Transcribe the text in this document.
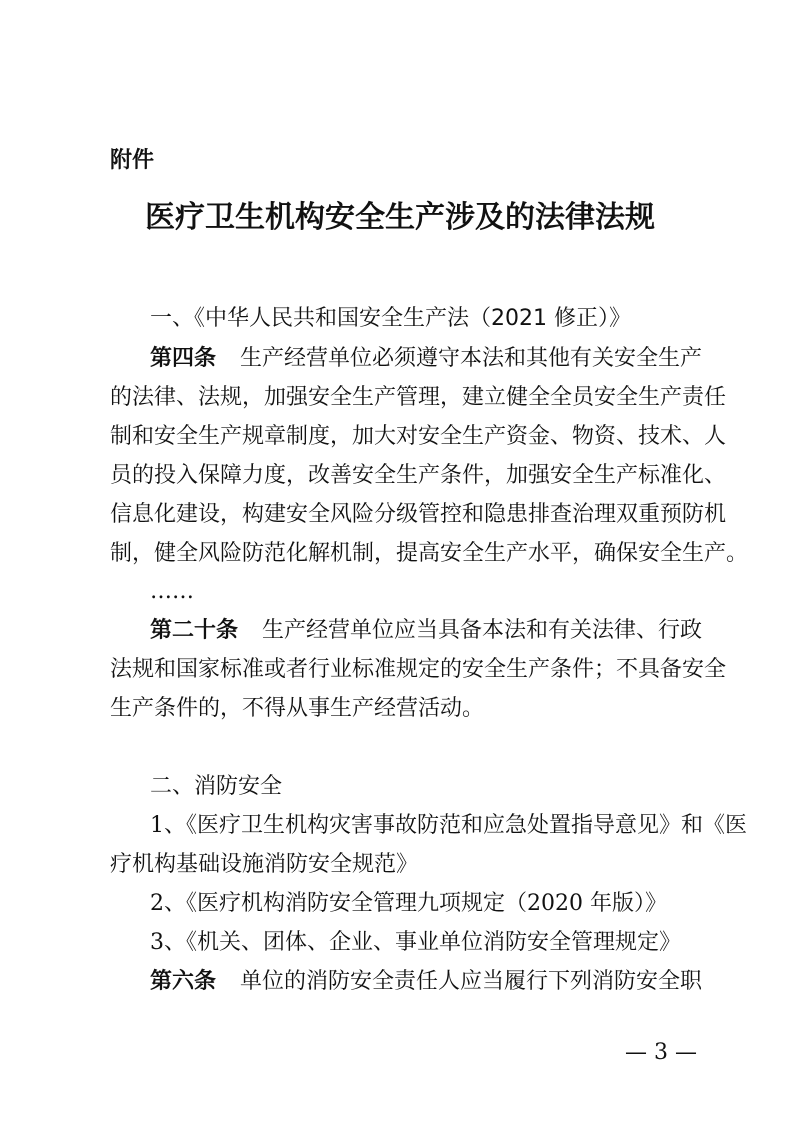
附件
医疗卫生机构安全生产涉及的法律法规
一、《中华人民共和国安全生产法（2021 修正）》
第四条 生产经营单位必须遵守本法和其他有关安全生产
的法律、法规，加强安全生产管理，建立健全全员安全生产责任
制和安全生产规章制度，加大对安全生产资金、物资、技术、人
员的投入保障力度，改善安全生产条件，加强安全生产标准化、
信息化建设，构建安全风险分级管控和隐患排查治理双重预防机
制，健全风险防范化解机制，提高安全生产水平，确保安全生产。
……
第二十条 生产经营单位应当具备本法和有关法律、行政
法规和国家标准或者行业标准规定的安全生产条件；不具备安全
生产条件的，不得从事生产经营活动。
二、消防安全
1、《医疗卫生机构灾害事故防范和应急处置指导意见》和《医
疗机构基础设施消防安全规范》
2、《医疗机构消防安全管理九项规定（2020 年版）》
3、《机关、团体、企业、事业单位消防安全管理规定》
第六条 单位的消防安全责任人应当履行下列消防安全职
— 3 —
